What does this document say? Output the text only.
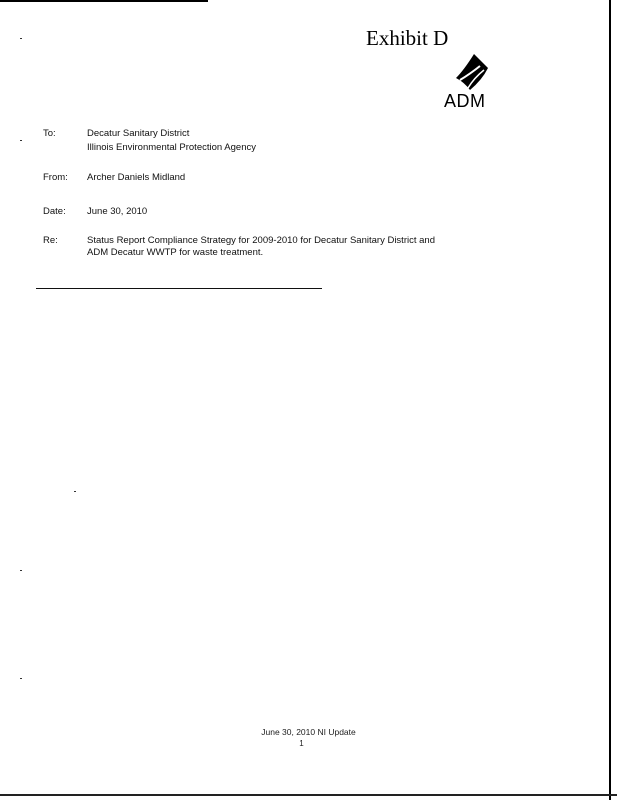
Exhibit D
ADM
To:	Decatur Sanitary District
Illinois Environmental Protection Agency
From: Archer Daniels Midland
Date: June 30, 2010
Re:	Status Report Compliance Strategy for 2009-2010 for Decatur Sanitary District and
ADM Decatur WWTP for waste treatment.
June 30, 2010 NI Update
1
